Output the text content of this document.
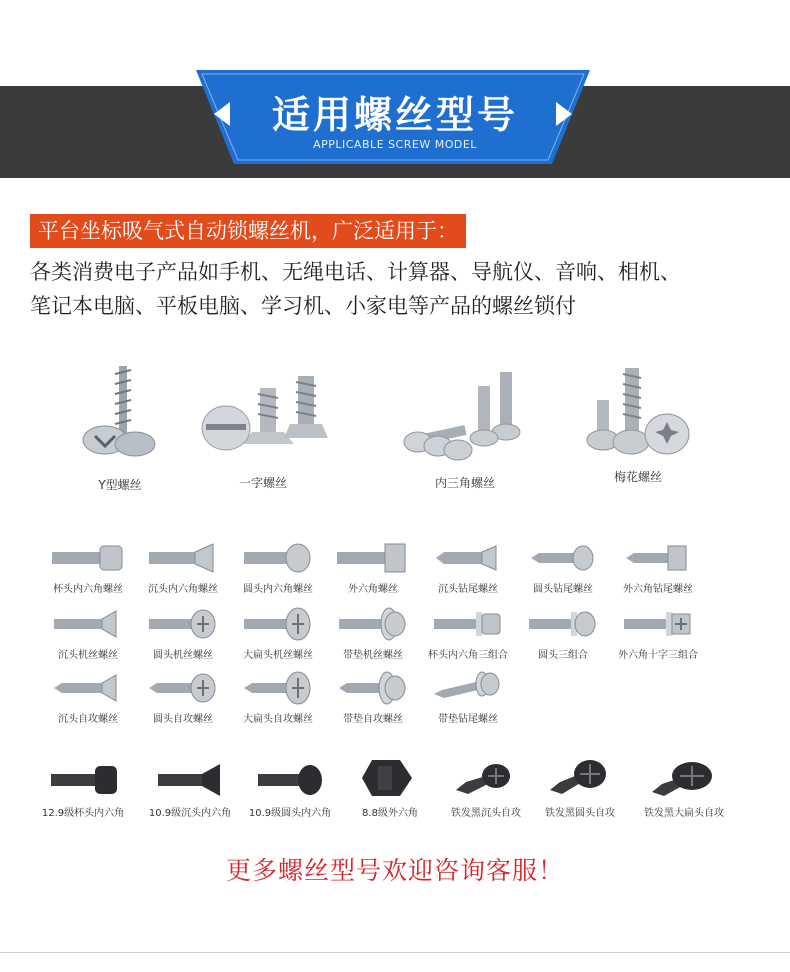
适用螺丝型号
APPLICABLE SCREW MODEL
平台坐标吸气式自动锁螺丝机，广泛适用于：
各类消费电子产品如手机、无绳电话、计算器、导航仪、音响、相机、
笔记本电脑、平板电脑、学习机、小家电等产品的螺丝锁付
Y型螺丝	一字螺丝	内三角螺丝	梅花螺丝
杯头内六角螺丝	沉头内六角螺丝	圆头内六角螺丝	外六角螺丝	沉头钻尾螺丝	圆头钻尾螺丝	外六角钻尾螺丝
沉头机丝螺丝	圆头机丝螺丝	大扁头机丝螺丝	带垫机丝螺丝	杯头内六角三组合	圆头三组合	外六角十字三组合
沉头自攻螺丝	圆头自攻螺丝	大扁头自攻螺丝	带垫自攻螺丝	带垫钻尾螺丝
12.9级杯头内六角	10.9级沉头内六角	10.9级圆头内六角	8.8级外六角	铁发黑沉头自攻	铁发黑圆头自攻	铁发黑大扁头自攻
更多螺丝型号欢迎咨询客服！
